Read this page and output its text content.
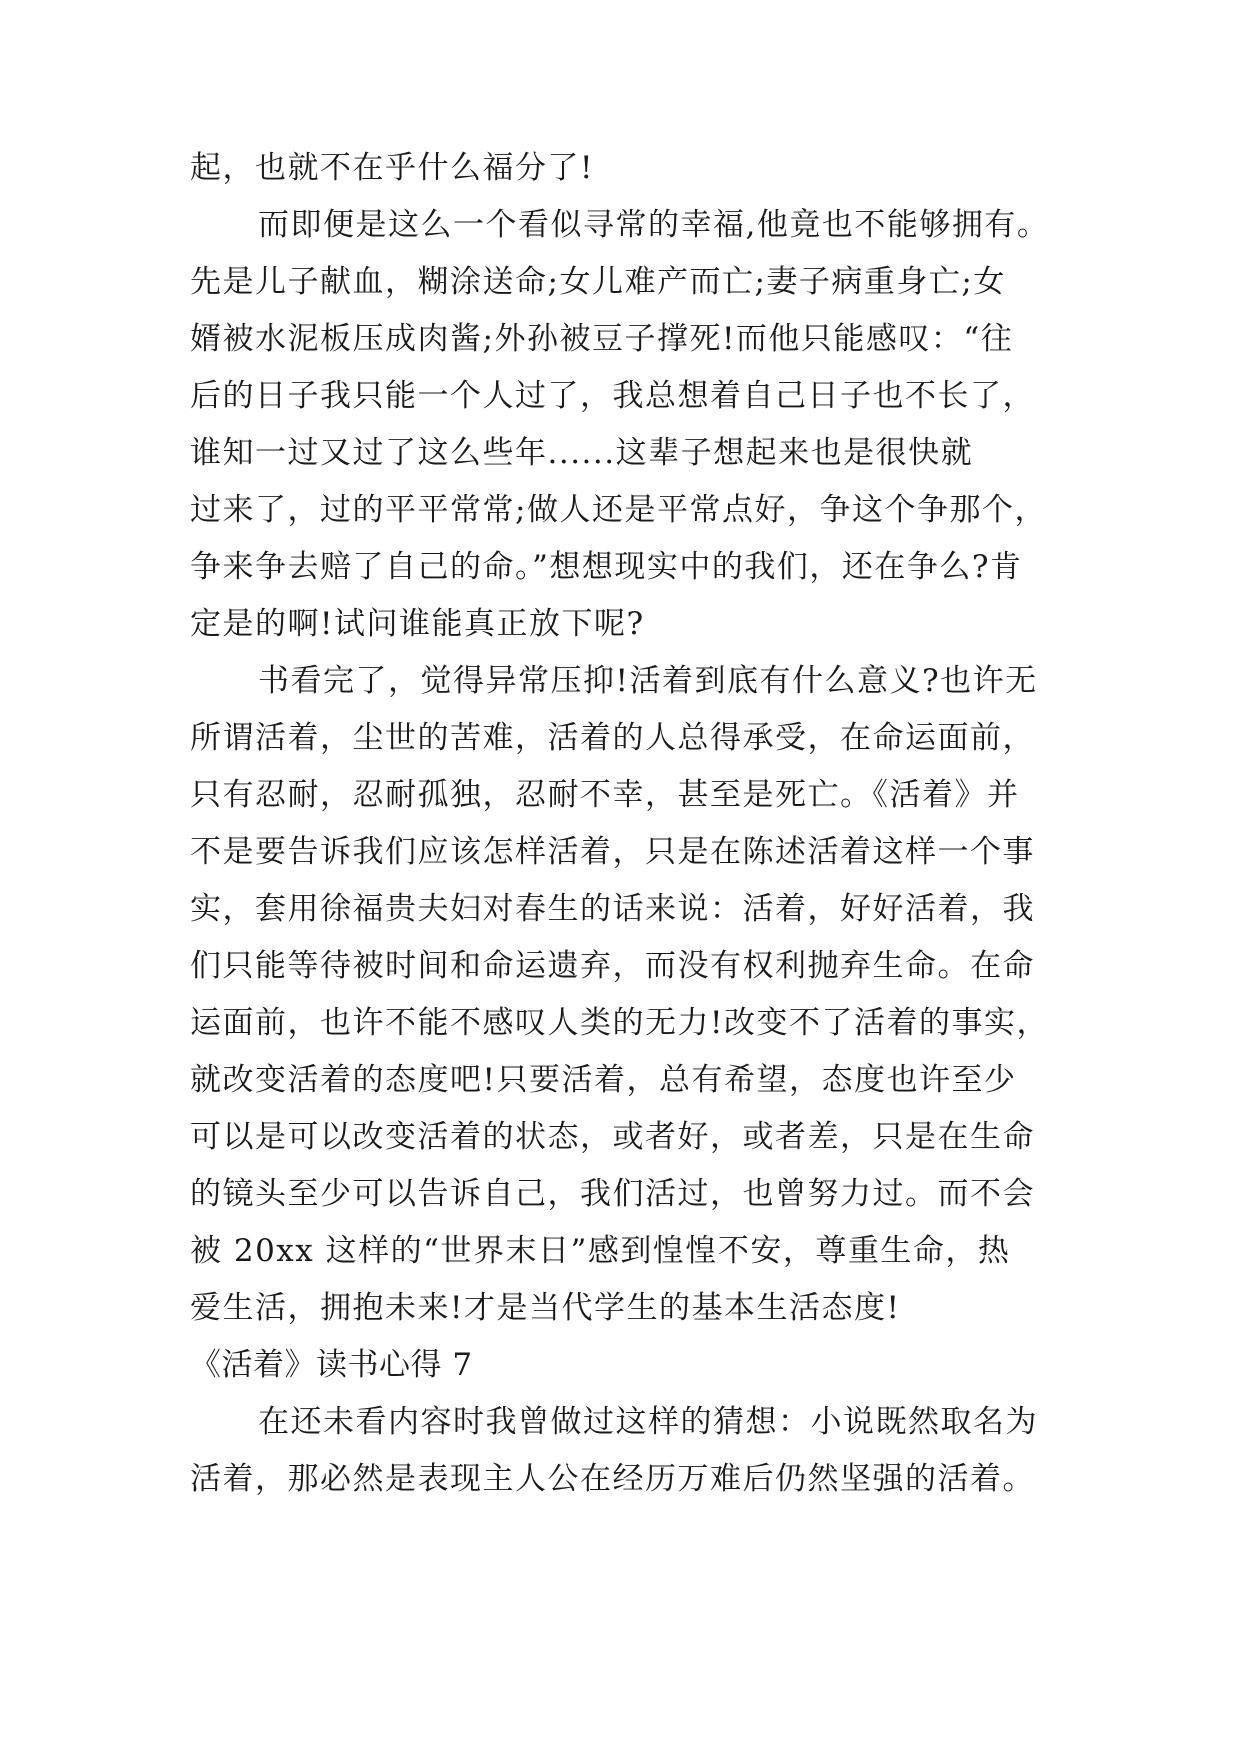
起，也就不在乎什么福分了!
而即便是这么一个看似寻常的幸福,他竟也不能够拥有。
先是儿子献血，糊涂送命;女儿难产而亡;妻子病重身亡;女
婿被水泥板压成肉酱;外孙被豆子撑死!而他只能感叹：“往
后的日子我只能一个人过了，我总想着自己日子也不长了，
谁知一过又过了这么些年......这辈子想起来也是很快就
过来了，过的平平常常;做人还是平常点好，争这个争那个，
争来争去赔了自己的命。”想想现实中的我们，还在争么?肯
定是的啊!试问谁能真正放下呢?
书看完了，觉得异常压抑!活着到底有什么意义?也许无
所谓活着，尘世的苦难，活着的人总得承受，在命运面前，
只有忍耐，忍耐孤独，忍耐不幸，甚至是死亡。《活着》并
不是要告诉我们应该怎样活着，只是在陈述活着这样一个事
实，套用徐福贵夫妇对春生的话来说：活着，好好活着，我
们只能等待被时间和命运遗弃，而没有权利抛弃生命。在命
运面前，也许不能不感叹人类的无力!改变不了活着的事实，
就改变活着的态度吧!只要活着，总有希望，态度也许至少
可以是可以改变活着的状态，或者好，或者差，只是在生命
的镜头至少可以告诉自己，我们活过，也曾努力过。而不会
被 20xx 这样的“世界末日”感到惶惶不安，尊重生命，热
爱生活，拥抱未来!才是当代学生的基本生活态度!
《活着》读书心得 7
在还未看内容时我曾做过这样的猜想：小说既然取名为
活着，那必然是表现主人公在经历万难后仍然坚强的活着。
